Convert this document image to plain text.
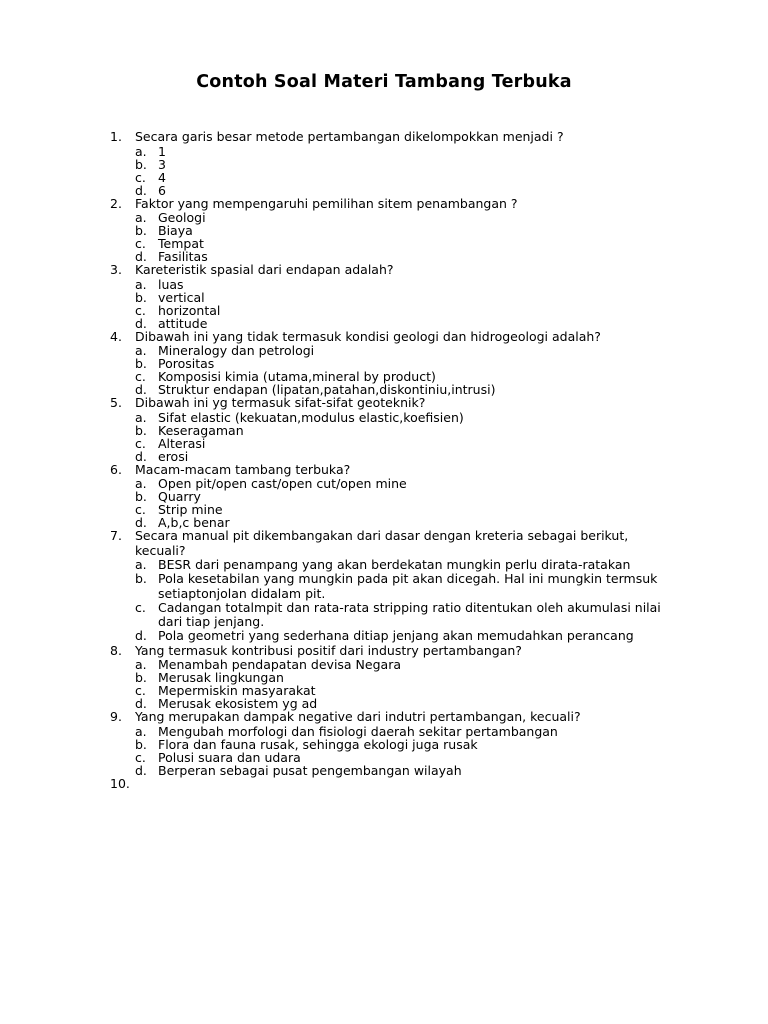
Contoh Soal Materi Tambang Terbuka
1.	Secara garis besar metode pertambangan dikelompokkan menjadi ?
a. 1
b. 3
c. 4
d. 6
2.	Faktor yang mempengaruhi pemilihan sitem penambangan ?
a. Geologi
b. Biaya
c. Tempat
d. Fasilitas
3.	Kareteristik spasial dari endapan adalah?
a. luas
b. vertical
c. horizontal
d. attitude
4.	Dibawah ini yang tidak termasuk kondisi geologi dan hidrogeologi adalah?
a. Mineralogy dan petrologi
b. Porositas
c. Komposisi kimia (utama,mineral by product)
d. Struktur endapan (lipatan,patahan,diskontiniu,intrusi)
5.	Dibawah ini yg termasuk sifat-sifat geoteknik?
a. Sifat elastic (kekuatan,modulus elastic,koefisien)
b. Keseragaman
c. Alterasi
d. erosi
6.	Macam-macam tambang terbuka?
a. Open pit/open cast/open cut/open mine
b. Quarry
c. Strip mine
d. A,b,c benar
7.	Secara manual pit dikembangakan dari dasar dengan kreteria sebagai berikut, kecuali?
a. BESR dari penampang yang akan berdekatan mungkin perlu dirata-ratakan
b. Pola kesetabilan yang mungkin pada pit akan dicegah. Hal ini mungkin termsuk setiaptonjolan didalam pit.
c. Cadangan totalmpit dan rata-rata stripping ratio ditentukan oleh akumulasi nilai dari tiap jenjang.
d. Pola geometri yang sederhana ditiap jenjang akan memudahkan perancang
8.	Yang termasuk kontribusi positif dari industry pertambangan?
a. Menambah pendapatan devisa Negara
b. Merusak lingkungan
c. Mepermiskin masyarakat
d. Merusak ekosistem yg ad
9.	Yang merupakan dampak negative dari indutri pertambangan, kecuali?
a. Mengubah morfologi dan fisiologi daerah sekitar pertambangan
b. Flora dan fauna rusak, sehingga ekologi juga rusak
c. Polusi suara dan udara
d. Berperan sebagai pusat pengembangan wilayah
10.
